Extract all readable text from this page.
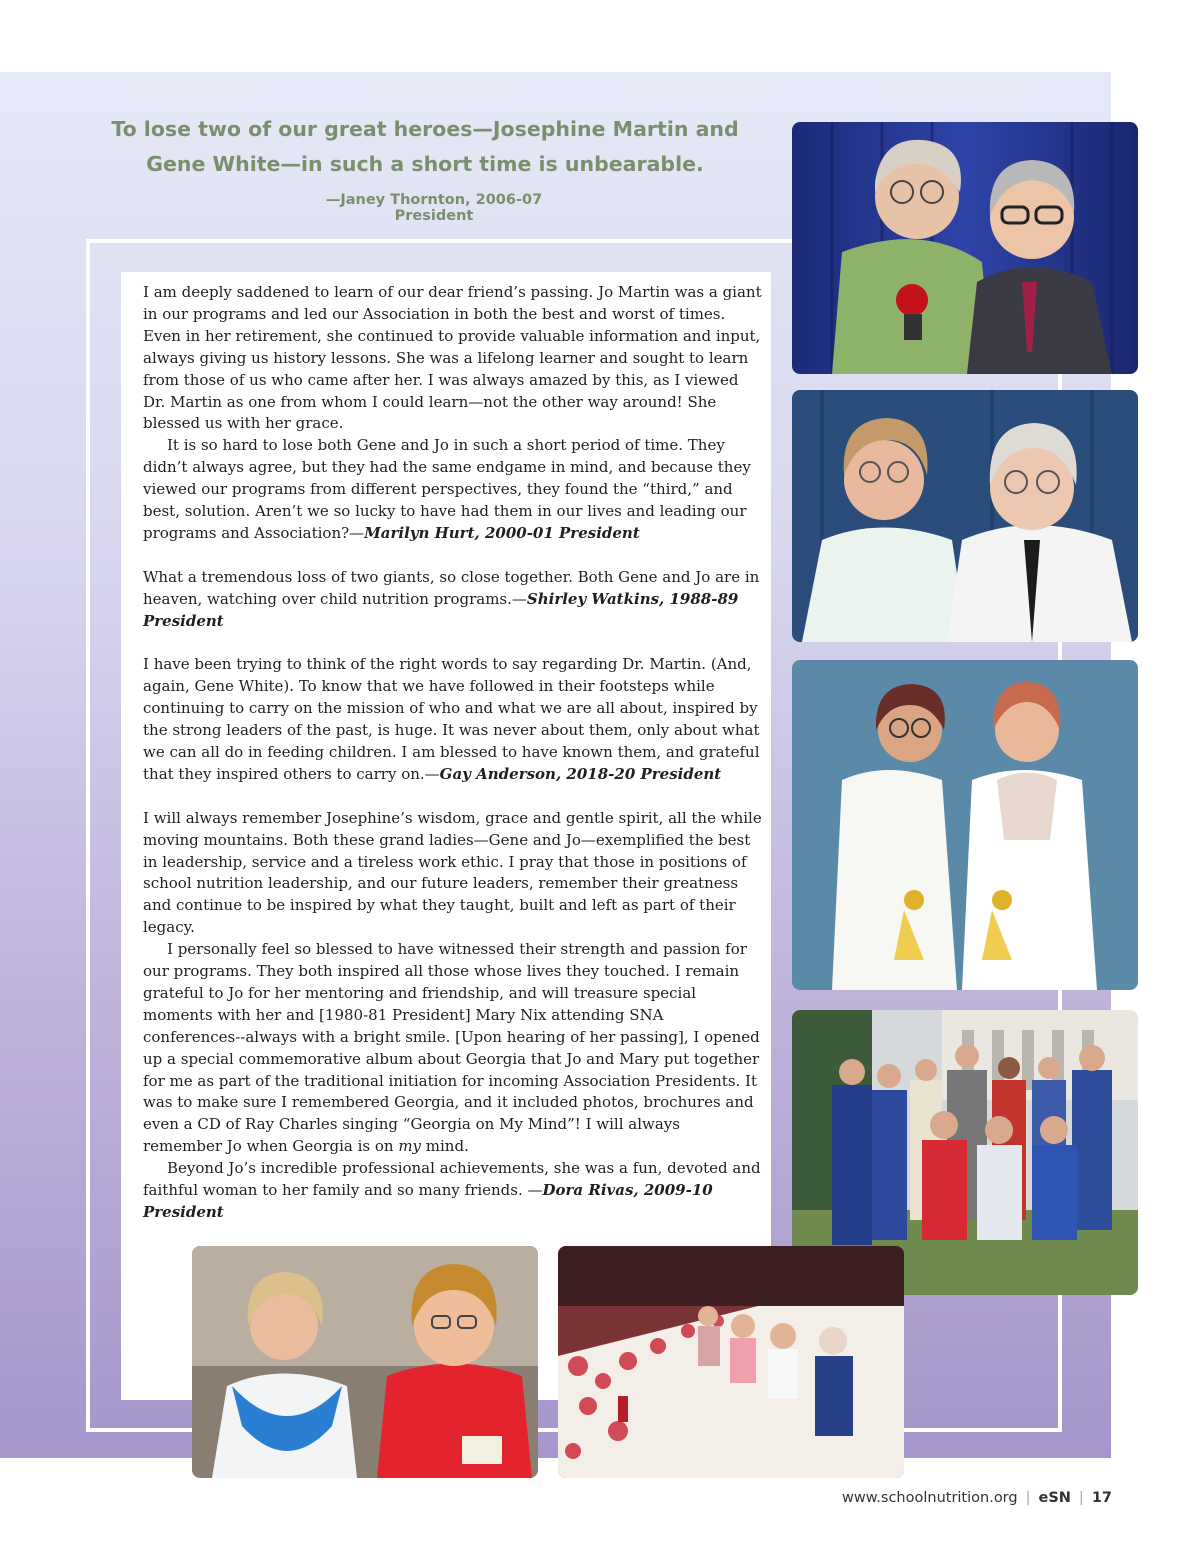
To lose two of our great heroes—Josephine Martin and
Gene White—in such a short time is unbearable.
—Janey Thornton, 2006-07 President

I am deeply saddened to learn of our dear friend’s passing. Jo Martin was a giant in our programs and led our Association in both the best and worst of times. Even in her retirement, she continued to provide valuable information and input, always giving us history lessons. She was a lifelong learner and sought to learn from those of us who came after her. I was always amazed by this, as I viewed Dr. Martin as one from whom I could learn—not the other way around! She blessed us with her grace.

It is so hard to lose both Gene and Jo in such a short period of time. They didn’t always agree, but they had the same endgame in mind, and because they viewed our programs from different perspectives, they found the “third,” and best, solution. Aren’t we so lucky to have had them in our lives and leading our programs and Association?—Marilyn Hurt, 2000-01 President

What a tremendous loss of two giants, so close together. Both Gene and Jo are in heaven, watching over child nutrition programs.—Shirley Watkins, 1988-89 President

I have been trying to think of the right words to say regarding Dr. Martin. (And, again, Gene White). To know that we have followed in their footsteps while continuing to carry on the mission of who and what we are all about, inspired by the strong leaders of the past, is huge. It was never about them, only about what we can all do in feeding children. I am blessed to have known them, and grateful that they inspired others to carry on.—Gay Anderson, 2018-20 President

I will always remember Josephine’s wisdom, grace and gentle spirit, all the while moving mountains. Both these grand ladies—Gene and Jo—exemplified the best in leadership, service and a tireless work ethic. I pray that those in positions of school nutrition leadership, and our future leaders, remember their greatness and continue to be inspired by what they taught, built and left as part of their legacy.

I personally feel so blessed to have witnessed their strength and passion for our programs. They both inspired all those whose lives they touched. I remain grateful to Jo for her mentoring and friendship, and will treasure special moments with her and [1980-81 President] Mary Nix attending SNA conferences--always with a bright smile. [Upon hearing of her passing], I opened up a special commemorative album about Georgia that Jo and Mary put together for me as part of the traditional initiation for incoming Association Presidents. It was to make sure I remembered Georgia, and it included photos, brochures and even a CD of Ray Charles singing “Georgia on My Mind”! I will always remember Jo when Georgia is on my mind.

Beyond Jo’s incredible professional achievements, she was a fun, devoted and faithful woman to her family and so many friends. —Dora Rivas, 2009-10 President

www.schoolnutrition.org | eSN | 17
